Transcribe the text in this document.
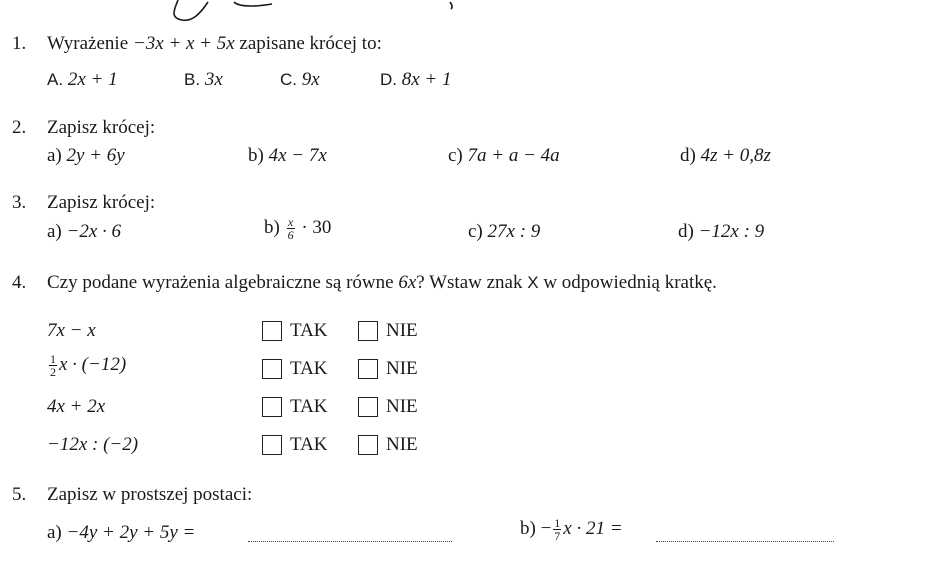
1. Wyrażenie −3x + x + 5x zapisane krócej to:
A. 2x + 1	B. 3x	C. 9x	D. 8x + 1
2. Zapisz krócej:
a) 2y + 6y	b) 4x − 7x	c) 7a + a − 4a	d) 4z + 0,8z
3. Zapisz krócej:
a) −2x · 6	$b) \frac{x}{6} \cdot 30$	c) 27x : 9	d) −12x : 9
4. Czy podane wyrażenia algebraiczne są równe 6x? Wstaw znak X w odpowiednią kratkę.
7x − x	TAK	NIE
$\frac{1}{2}$ x · (−12)	TAK	NIE
4x + 2x	TAK	NIE
−12x : (−2)	TAK	NIE
5. Zapisz w prostszej postaci:
a) −4y + 2y + 5y =	$b) - \frac{1}{7}$ x · 21 =
